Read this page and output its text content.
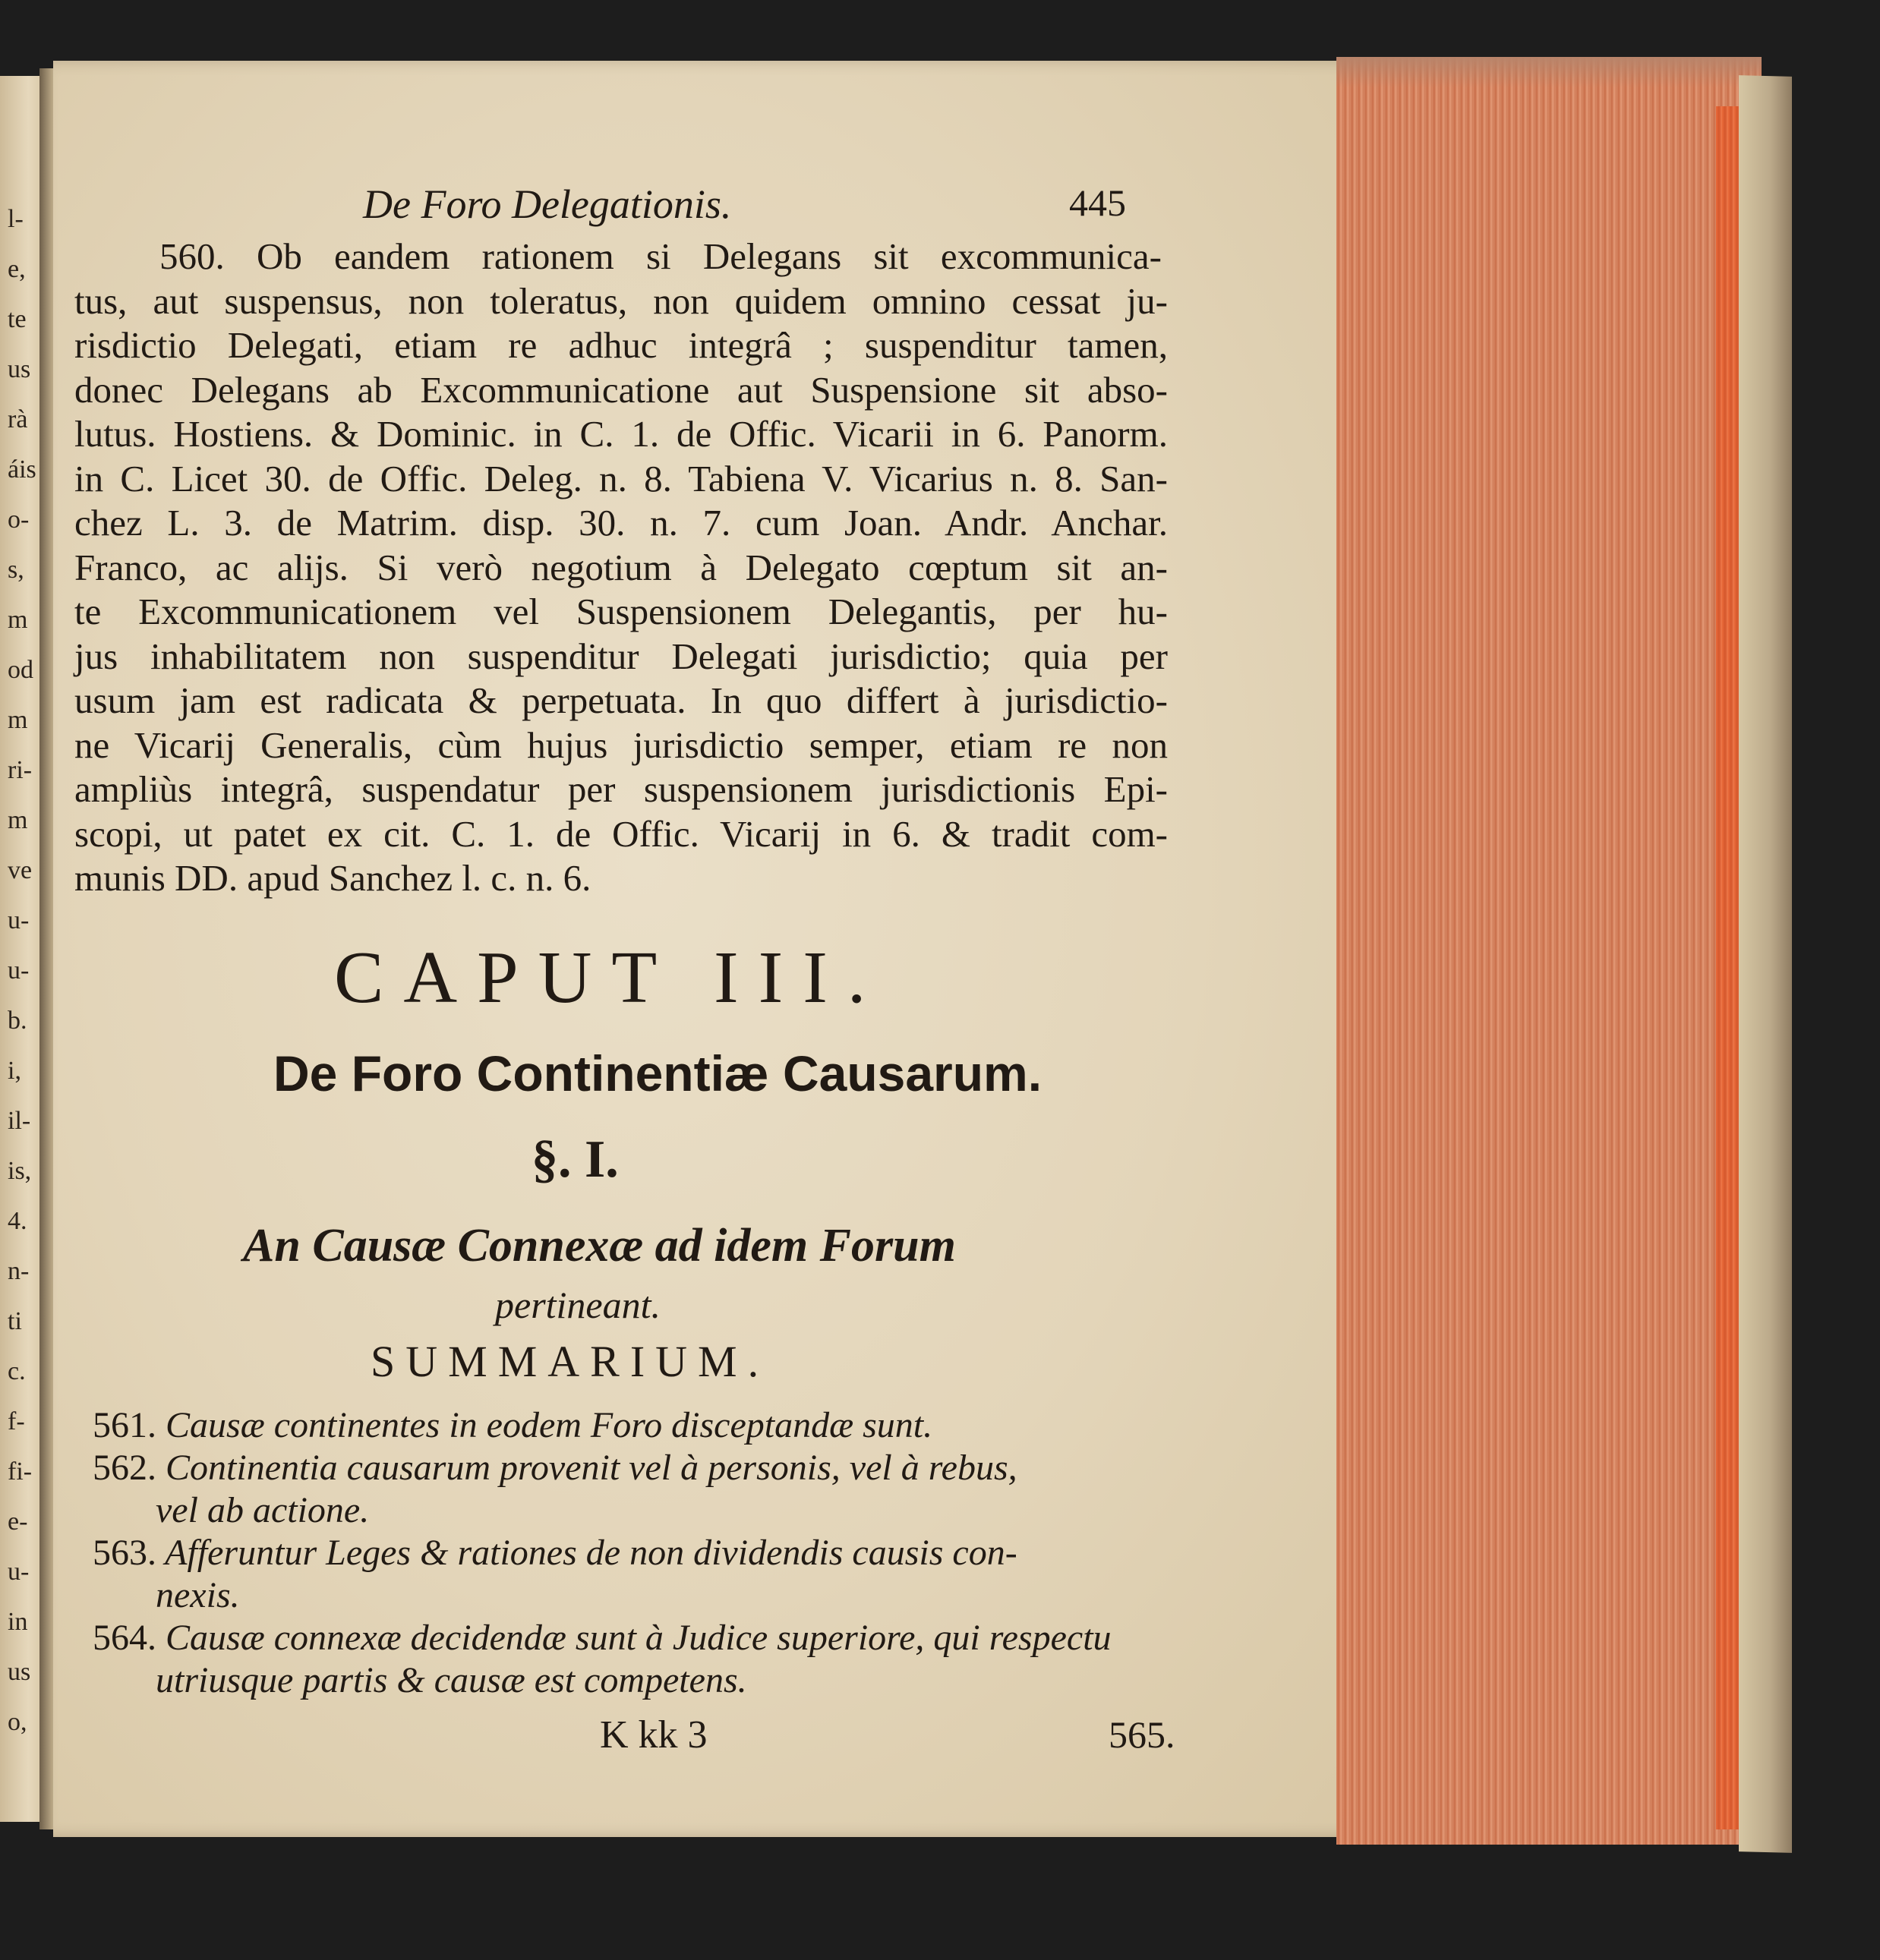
l-
e,
te
us
rà
áis
o-
s,
m
od
m
ri-
m
ve
u-
u-
b.
i,
il-
is,
4.
n-
ti
c.
f-
fi-
e-
u-
in
us
o,
De Foro Delegationis.	445
560. Ob eandem rationem si Delegans sit excommunica-
tus, aut suspensus, non toleratus, non quidem omnino cessat ju-
risdictio Delegati, etiam re adhuc integrâ ; suspenditur tamen,
donec Delegans ab Excommunicatione aut Suspensione sit abso-
lutus. Hostiens. & Dominic. in C. 1. de Offic. Vicarii in 6. Panorm.
in C. Licet 30. de Offic. Deleg. n. 8. Tabiena V. Vicarius n. 8. San-
chez L. 3. de Matrim. disp. 30. n. 7. cum Joan. Andr. Anchar.
Franco, ac alijs. Si verò negotium à Delegato cœptum sit an-
te Excommunicationem vel Suspensionem Delegantis, per hu-
jus inhabilitatem non suspenditur Delegati jurisdictio; quia per
usum jam est radicata & perpetuata. In quo differt à jurisdictio-
ne Vicarij Generalis, cùm hujus jurisdictio semper, etiam re non
ampliùs integrâ, suspendatur per suspensionem jurisdictionis Epi-
scopi, ut patet ex cit. C. 1. de Offic. Vicarij in 6. & tradit com-
munis DD. apud Sanchez l. c. n. 6.
CAPUT III.
De Foro Continentiæ Causarum.
§. I.
An Causæ Connexæ ad idem Forum
pertineant.
SUMMARIUM.
561. Causæ continentes in eodem Foro disceptandæ sunt.
562. Continentia causarum provenit vel à personis, vel à rebus,
vel ab actione.
563. Afferuntur Leges & rationes de non dividendis causis con-
nexis.
564. Causæ connexæ decidendæ sunt à Judice superiore, qui respectu
utriusque partis & causæ est competens.
K kk 3	565.
